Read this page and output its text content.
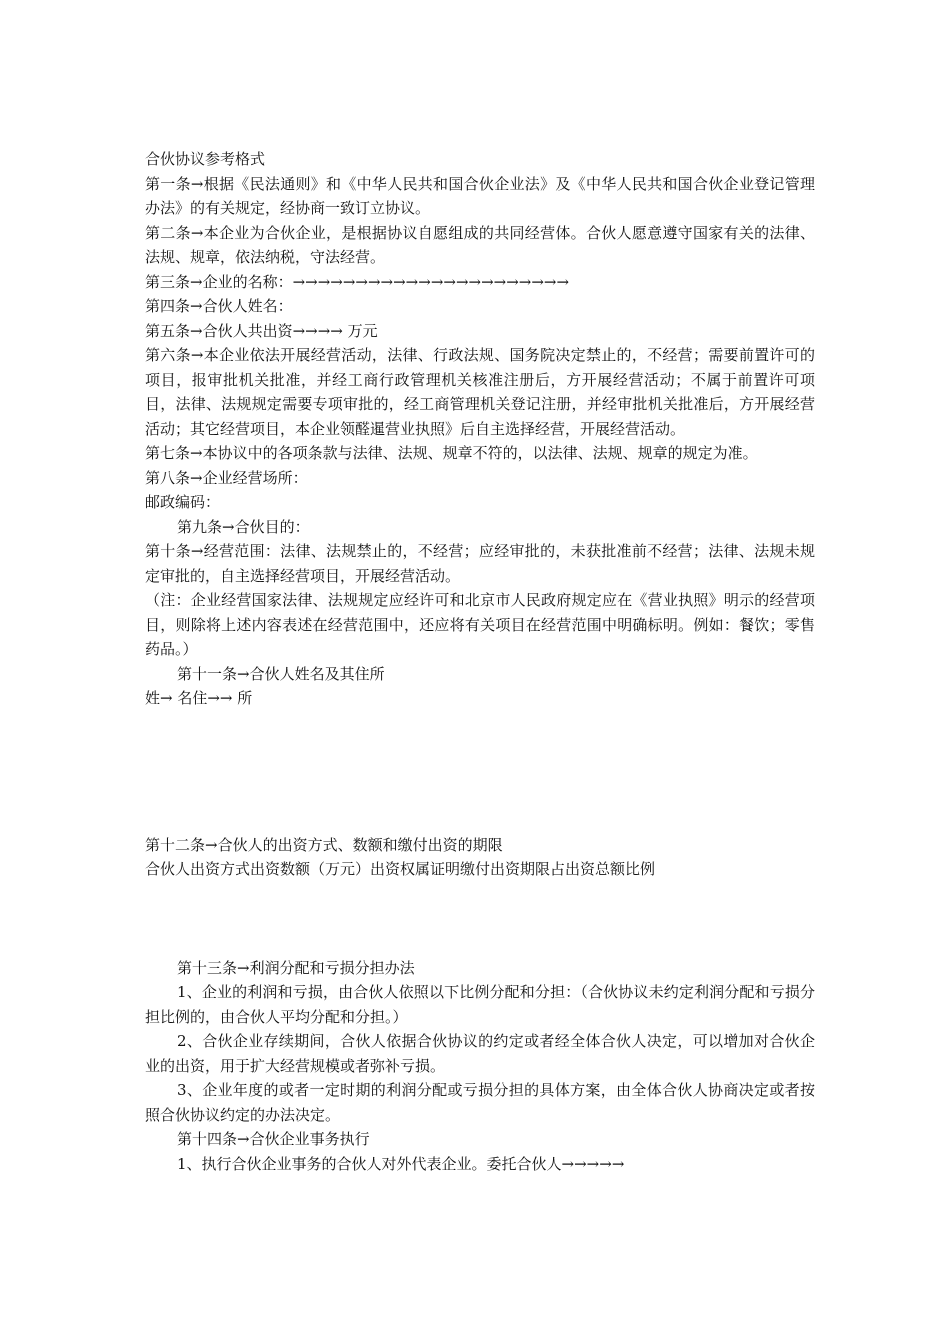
合伙协议参考格式

第一条→根据《民法通则》和《中华人民共和国合伙企业法》及《中华人民共和国合伙企业登记管理办法》的有关规定，经协商一致订立协议。

第二条→本企业为合伙企业，是根据协议自愿组成的共同经营体。合伙人愿意遵守国家有关的法律、法规、规章，依法纳税，守法经营。

第三条→企业的名称：→→→→→→→→→→→→→→→→→→→→→→

第四条→合伙人姓名：

第五条→合伙人共出资→→→→ 万元

第六条→本企业依法开展经营活动，法律、行政法规、国务院决定禁止的，不经营；需要前置许可的项目，报审批机关批准，并经工商行政管理机关核准注册后，方开展经营活动；不属于前置许可项目，法律、法规规定需要专项审批的，经工商管理机关登记注册，并经审批机关批准后，方开展经营活动；其它经营项目，本企业领醛暹营业执照》后自主选择经营，开展经营活动。

第七条→本协议中的各项条款与法律、法规、规章不符的，以法律、法规、规章的规定为准。

第八条→企业经营场所：

邮政编码：

第九条→合伙目的：

第十条→经营范围：法律、法规禁止的，不经营；应经审批的，未获批准前不经营；法律、法规未规定审批的，自主选择经营项目，开展经营活动。

（注：企业经营国家法律、法规规定应经许可和北京市人民政府规定应在《营业执照》明示的经营项目，则除将上述内容表述在经营范围中，还应将有关项目在经营范围中明确标明。例如：餐饮；零售药品。）

第十一条→合伙人姓名及其住所

姓→ 名住→→ 所

第十二条→合伙人的出资方式、数额和缴付出资的期限

合伙人出资方式出资数额（万元）出资权属证明缴付出资期限占出资总额比例

第十三条→利润分配和亏损分担办法

1、企业的利润和亏损，由合伙人依照以下比例分配和分担：（合伙协议未约定利润分配和亏损分担比例的，由合伙人平均分配和分担。）

2、合伙企业存续期间，合伙人依据合伙协议的约定或者经全体合伙人决定，可以增加对合伙企业的出资，用于扩大经营规模或者弥补亏损。

3、企业年度的或者一定时期的利润分配或亏损分担的具体方案，由全体合伙人协商决定或者按照合伙协议约定的办法决定。

第十四条→合伙企业事务执行

1、执行合伙企业事务的合伙人对外代表企业。委托合伙人→→→→→
